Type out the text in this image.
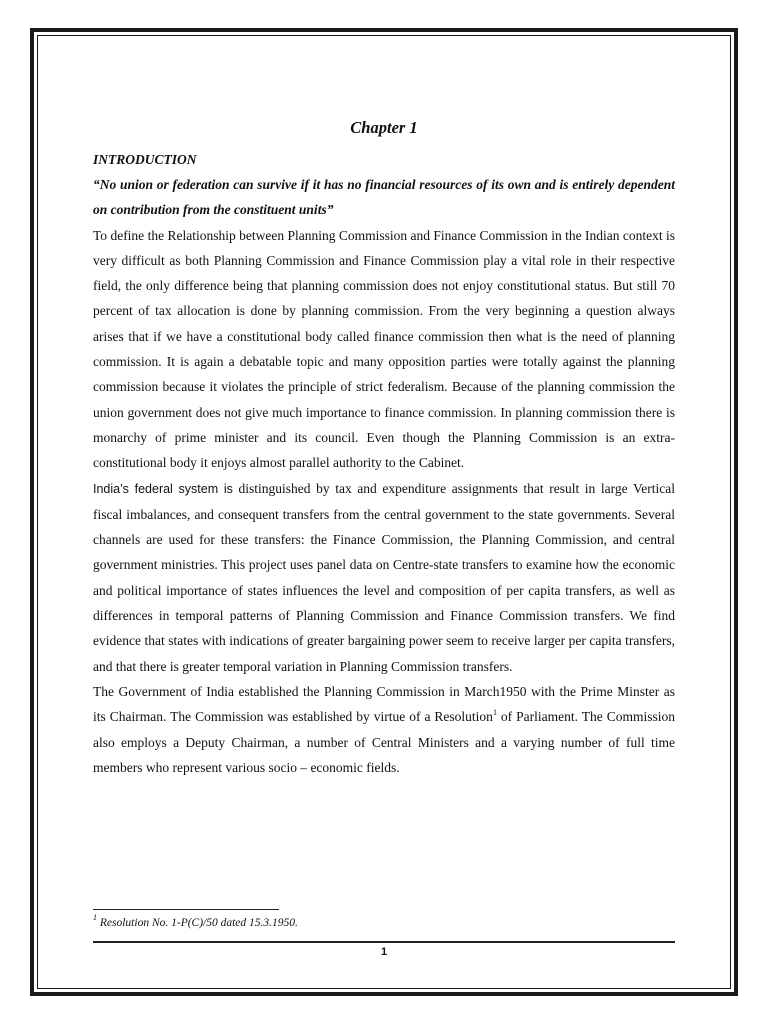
Chapter 1
INTRODUCTION

“No union or federation can survive if it has no financial resources of its own and is entirely dependent on contribution from the constituent units”

To define the Relationship between Planning Commission and Finance Commission in the Indian context is very difficult as both Planning Commission and Finance Commission play a vital role in their respective field, the only difference being that planning commission does not enjoy constitutional status. But still 70 percent of tax allocation is done by planning commission. From the very beginning a question always arises that if we have a constitutional body called finance commission then what is the need of planning commission. It is again a debatable topic and many opposition parties were totally against the planning commission because it violates the principle of strict federalism. Because of the planning commission the union government does not give much importance to finance commission. In planning commission there is monarchy of prime minister and its council. Even though the Planning Commission is an extra-constitutional body it enjoys almost parallel authority to the Cabinet.

India’s federal system is distinguished by tax and expenditure assignments that result in large Vertical fiscal imbalances, and consequent transfers from the central government to the state governments. Several channels are used for these transfers: the Finance Commission, the Planning Commission, and central government ministries. This project uses panel data on Centre-state transfers to examine how the economic and political importance of states influences the level and composition of per capita transfers, as well as differences in temporal patterns of Planning Commission and Finance Commission transfers. We find evidence that states with indications of greater bargaining power seem to receive larger per capita transfers, and that there is greater temporal variation in Planning Commission transfers.

The Government of India established the Planning Commission in March1950 with the Prime Minster as its Chairman. The Commission was established by virtue of a Resolution$^1$ of Parliament. The Commission also employs a Deputy Chairman, a number of Central Ministers and a varying number of full time members who represent various socio – economic fields.

$^1$ Resolution No. 1-P(C)/50 dated 15.3.1950.
1
